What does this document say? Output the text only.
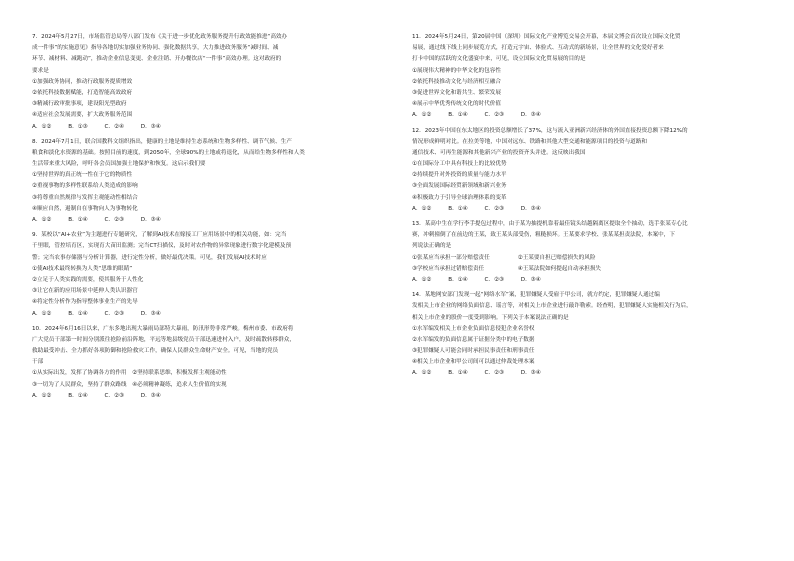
7．2024年5月27日，市场监管总局等八部门发布《关于进一步优化政务服务提升行政效能推进“高效办
成一件事”的实施意见》指导各地切实加强业务协同、强化数据共享，大力推进政务服务“减时间、减
环节、减材料、减跑动”，推动企业信息变更、企业注销、开办餐饮店“一件事”高效办理。这对政府的
要求是
①加强政务协同，推动行政服务提质增效
②依托科技数据赋能，打造智能高效政府
③精减行政审批事项，建设阳光型政府
④适应社会发展需要，扩大政务服务范围
A．①②　　　B．①③　　　C．②④　　　D．③④
8．2024年7月1日，联合国教科文组织指出，健康的土地是维持生态系统和生物多样性、调节气候、生产
粮食和淡化水资源的基础。按照目前的速度，到2050年，全球90%的土地或将退化，从而给生物多样性和人类
生活带来重大风险，呼吁各会员国加强土地保护和恢复。这启示我们要
①坚持世界的真正统一性在于它的物质性
②重视事物的多样性联系给人类造成的影响
③将尊重自然规律与发挥主观能动性相结合
④顺应自然，遏制自在事物向人为事物转化
A．①②　　　B．①④　　　C．②③　　　D．③④
9．某校以“AI+农业”为主题进行专题研究，了解到AI技术在嫁接工厂应用场景中的相关功能，如：完当
千里眼，管控培育区，实现育大苗田监测；完当CT扫描仪，及时对农作物的异常现象进行数字化建模及预
警；完当农事存储器与分析计算器，进行定性分析，做好最优决策。可见，我们发展AI技术时应
①使AI技术最终转换为人类“思维的眼睛”
②立足于人类实践的需要，使其服务于人性化
③让它在新的应用场景中延伸人类认识器官
④将定性分析作为指导整体事业生产的先导
A．①②　　　B．①④　　　C．②③　　　D．③④
10．2024年6月16日以来，广东多地出现大暴雨局部特大暴雨，防汛形势非常严峻。梅州市委、市政府将
广大党员干部第一时间分别派往抢险前沿阵地，平远等地县级党员干部迅速进村入户，及时疏散转移群众，
救助最受冲击、全力抓好各项防御和抢险救灾工作，确保人民群众生命财产安全。可见，当地的党员
干部
①从实际出发，发挥了协调各方的作用　②坚持联系思维，积极发挥主观能动性
③一切为了人民群众，坚持了群众路线　④必须精神凝练，追求人生价值的实现
A．①②　　　B．①④　　　C．②③　　　D．③④
11．2024年5月24日，第20届中国（深圳）国际文化产业博览交易会开幕，本届文博会首次设立国际文化贸
易展，通过线下线上同步展览方式，打造元宇宙、体验式、互动式的新场景，让全世界的文化爱好者来
打卡中国的活跃的文化盛宴中来，可见，设立国际文化贸易展的目的是
①展现伟大精神的中华文化的包容性
②依托科技推动文化与经济相互融合
③促进世界文化和谐共生、繁荣发展
④展示中华优秀传统文化的时代价值
A．①②　　　B．①④　　　C．②③　　　D．③④
12．2023年中国在东太地区的投资总额增长了37%，这与流入亚洲新兴经济体的外国直接投资总额下降12%的
情况形成鲜明对比。在拉美等地，中国对远东、铁路和其他大型交通和能源项目的投资与道路和
通信技术、可再生能源和其他新兴产业的投资齐头并进。这反映出我国
①在国际分工中具有科技上的比较优势
②持续提升对外投资的质量与能力水平
③全面发展国际经贸新领域和新兴业务
④积极致力于引导全球治理体系的变革
A．①②　　　B．①④　　　C．②③　　　D．③④
13．某高中生在学行李手提包过程中，由于某为抽提机靠着最佳镜头结越隔离区提取全个抽动，选手张某专心比
赛，冲刺撞倒了在前边的王某，致王某头部受伤，粗糙损坏。王某要求学校、张某某担责法院，本案中，下
列说法正确的是
①张某应当承担一部分赔偿责任　　　　　②王某要自担已赔偿损失的风险
③学校应当承担过错赔偿责任　　　　　　④王某法院如何提起自动承担损失
A．①②　　　B．①④　　　C．②③　　　D．③④
14．某地网安部门发现一起“网络水军”案，犯罪嫌疑人受雇于甲公司，就方约定，犯罪嫌疑人通过编
发相关上市企业的网络负面信息、谣言等，对相关上市企业进行敲诈勒索。经查明，犯罪嫌疑人实施相关行为后，
相关上市企业的股价一度受到影响。下列关于本案说法正确的是
①水军编发相关上市企业负面信息侵犯企业名誉权
②水军编发的负面信息属于证据分类中的电子数据
③犯罪嫌疑人可能会同时承担民事责任和刑事责任
④相关上市企业和甲公司间可以通过仲裁处理本案
A．①②　　　B．①④　　　C．②③　　　D．③④
